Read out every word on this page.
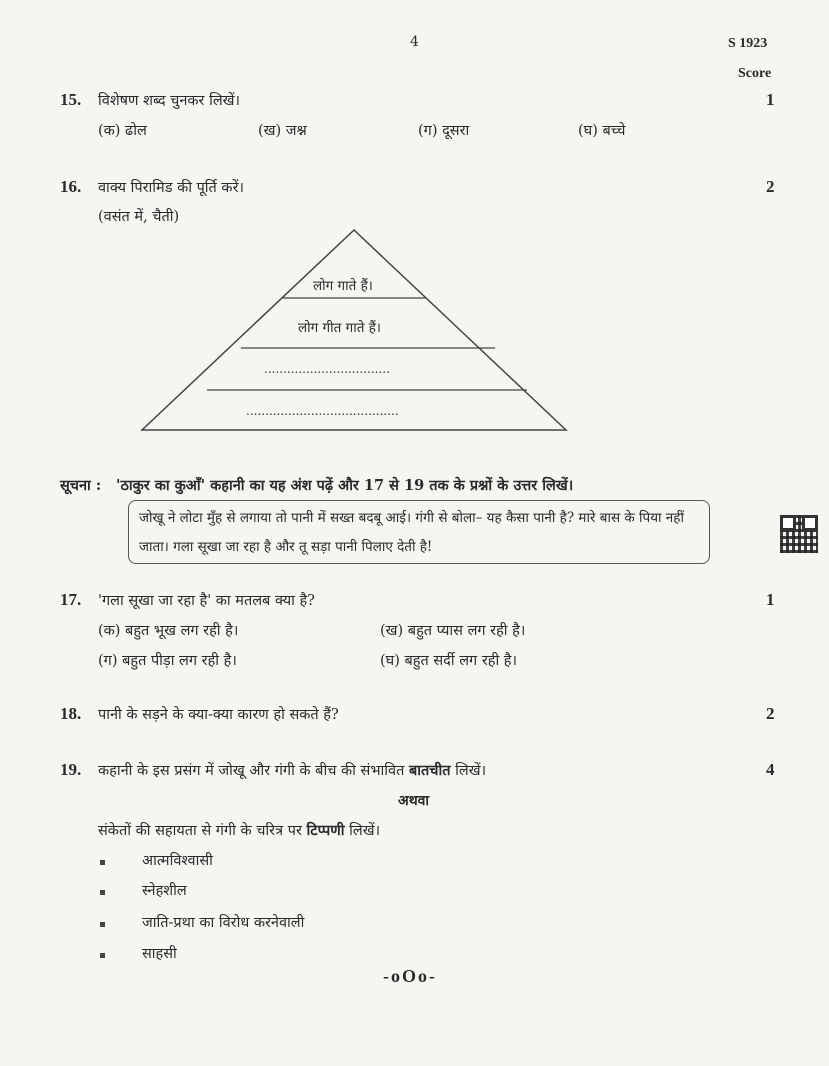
4	S 1923
Score
15. विशेषण शब्द चुनकर लिखें।	1
(क) ढोल	(ख) जश्न	(ग) दूसरा	(घ) बच्चे
16. वाक्य पिरामिड की पूर्ति करें।	2
(वसंत में, चैती)
लोग गाते हैं।
लोग गीत गाते हैं।
.................................
........................................
सूचना : 'ठाकुर का कुआँ' कहानी का यह अंश पढ़ें और 17 से 19 तक के प्रश्नों के उत्तर लिखें।
जोखू ने लोटा मुँह से लगाया तो पानी में सख्त बदबू आई। गंगी से बोला– यह कैसा पानी है? मारे बास के पिया नहीं जाता। गला सूखा जा रहा है और तू सड़ा पानी पिलाए देती है!
17. 'गला सूखा जा रहा है' का मतलब क्या है?	1
(क) बहुत भूख लग रही है।	(ख) बहुत प्यास लग रही है।
(ग) बहुत पीड़ा लग रही है।	(घ) बहुत सर्दी लग रही है।
18. पानी के सड़ने के क्या-क्या कारण हो सकते हैं?	2
19. कहानी के इस प्रसंग में जोखू और गंगी के बीच की संभावित बातचीत लिखें।	4
अथवा
संकेतों की सहायता से गंगी के चरित्र पर टिप्पणी लिखें।
आत्मविश्वासी
स्नेहशील
जाति-प्रथा का विरोध करनेवाली
साहसी
-oOo-
